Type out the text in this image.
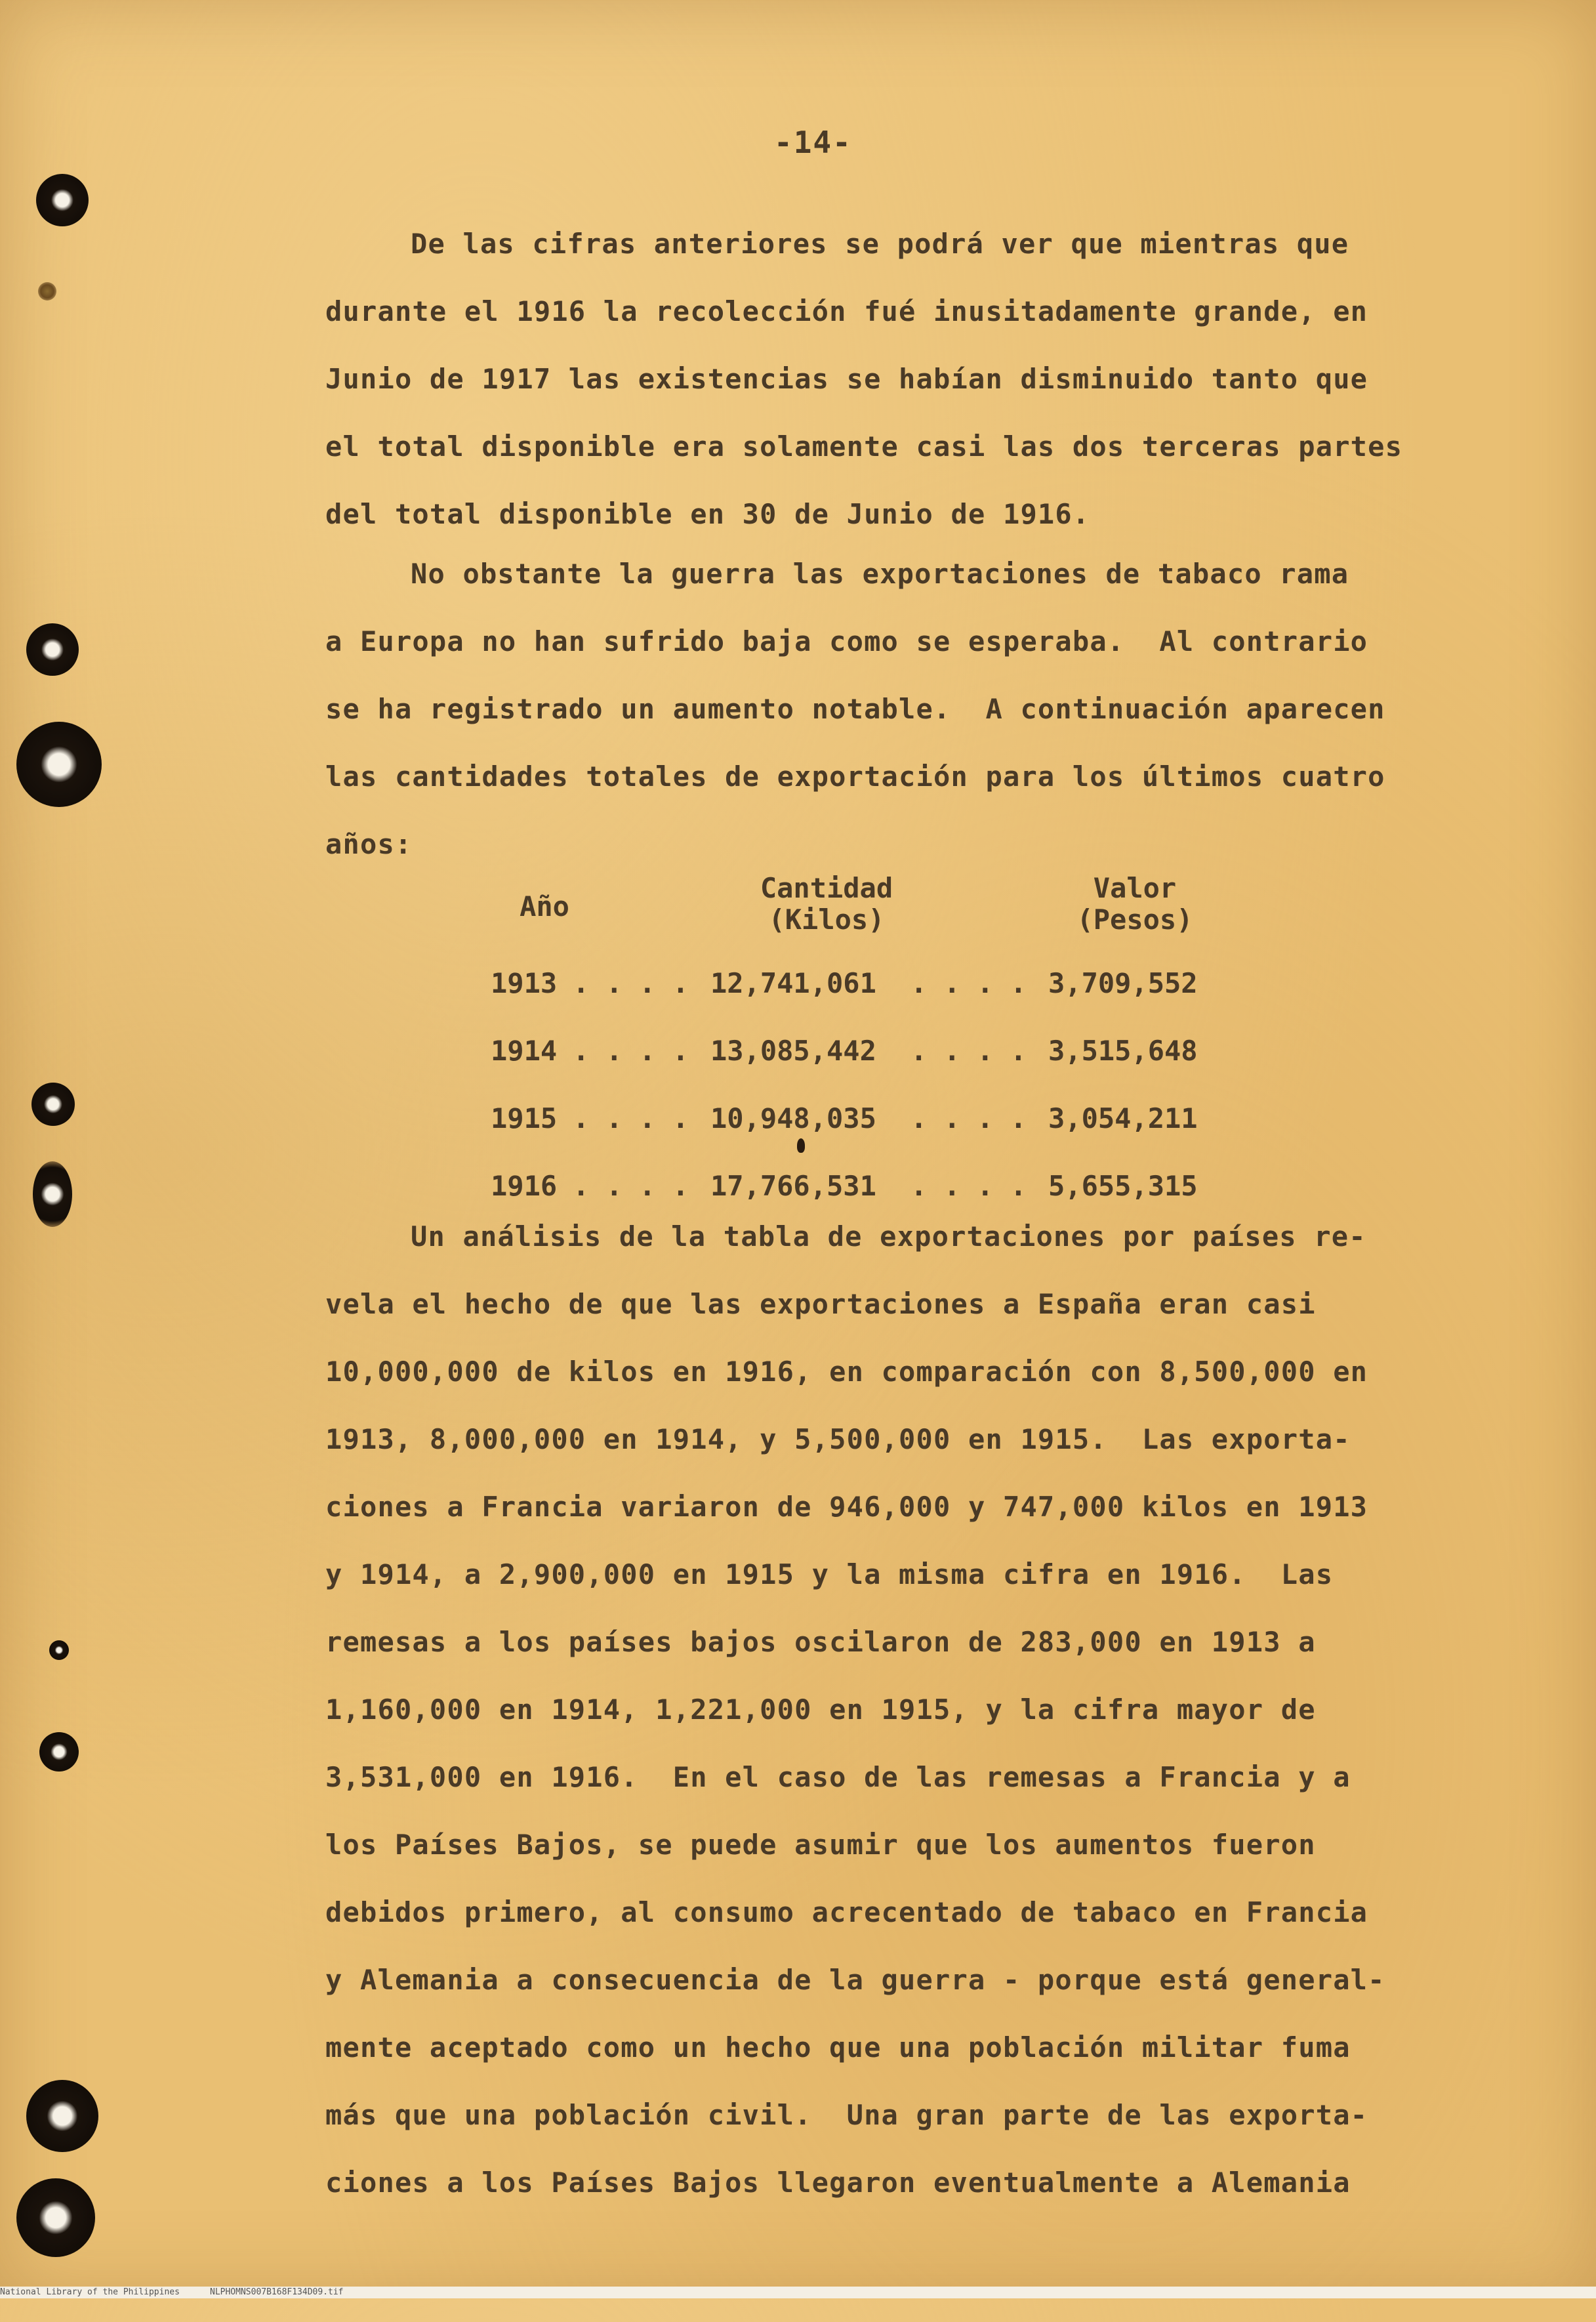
-14-
De las cifras anteriores se podrá ver que mientras que
durante el 1916 la recolección fué inusitadamente grande, en
Junio de 1917 las existencias se habían disminuido tanto que
el total disponible era solamente casi las dos terceras partes
del total disponible en 30 de Junio de 1916.
No obstante la guerra las exportaciones de tabaco rama
a Europa no han sufrido baja como se esperaba.  Al contrario
se ha registrado un aumento notable.  A continuación aparecen
las cantidades totales de exportación para los últimos cuatro
años:
Año
Cantidad
(Kilos)
Valor
(Pesos)

1913

. . . .

12,741,061

. . . .

3,709,552

1914

. . . .

13,085,442

. . . .

3,515,648

1915

. . . .

10,948,035

. . . .

3,054,211

1916

. . . .

17,766,531

. . . .

5,655,315

Un análisis de la tabla de exportaciones por países re-
vela el hecho de que las exportaciones a España eran casi
10,000,000 de kilos en 1916, en comparación con 8,500,000 en
1913, 8,000,000 en 1914, y 5,500,000 en 1915.  Las exporta-
ciones a Francia variaron de 946,000 y 747,000 kilos en 1913
y 1914, a 2,900,000 en 1915 y la misma cifra en 1916.  Las
remesas a los países bajos oscilaron de 283,000 en 1913 a
1,160,000 en 1914, 1,221,000 en 1915, y la cifra mayor de
3,531,000 en 1916.  En el caso de las remesas a Francia y a
los Países Bajos, se puede asumir que los aumentos fueron
debidos primero, al consumo acrecentado de tabaco en Francia
y Alemania a consecuencia de la guerra - porque está general-
mente aceptado como un hecho que una población militar fuma
más que una población civil.  Una gran parte de las exporta-
ciones a los Países Bajos llegaron eventualmente a Alemania

National Library of the Philippines

	NLPHOMNS007B168F134D09.tif
